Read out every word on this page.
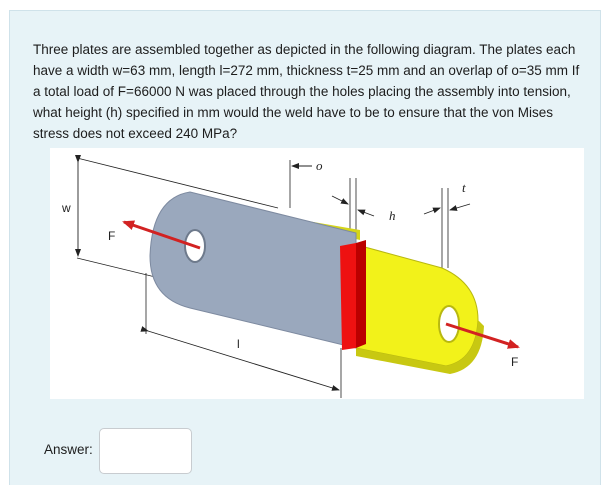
Three plates are assembled together as depicted in the following diagram. The plates each have a width w=63 mm, length l=272 mm, thickness t=25 mm and an overlap of o=35 mm If a total load of F=66000 N was placed through the holes placing the assembly into tension, what height (h) specified in mm would the weld have to be to ensure that the von Mises stress does not exceed 240 MPa?
w
o
h
t
l
F
F
Answer:
